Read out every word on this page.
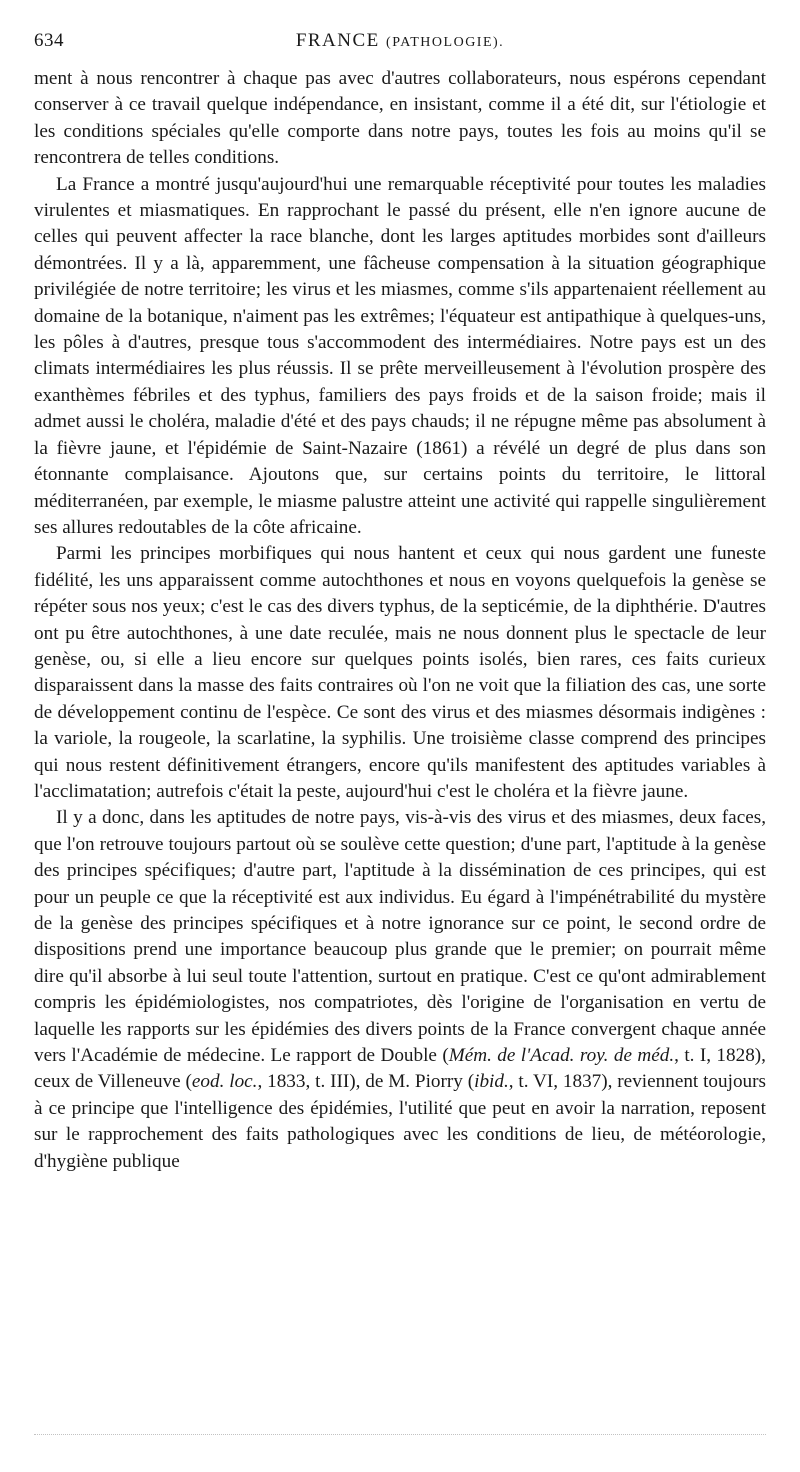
634	FRANCE (PATHOLOGIE).

ment à nous rencontrer à chaque pas avec d'autres collaborateurs, nous espérons cependant conserver à ce travail quelque indépendance, en insistant, comme il a été dit, sur l'étiologie et les conditions spéciales qu'elle comporte dans notre pays, toutes les fois au moins qu'il se rencontrera de telles conditions.

La France a montré jusqu'aujourd'hui une remarquable réceptivité pour toutes les maladies virulentes et miasmatiques. En rapprochant le passé du présent, elle n'en ignore aucune de celles qui peuvent affecter la race blanche, dont les larges aptitudes morbides sont d'ailleurs démontrées. Il y a là, apparemment, une fâcheuse compensation à la situation géographique privilégiée de notre territoire; les virus et les miasmes, comme s'ils appartenaient réellement au domaine de la botanique, n'aiment pas les extrêmes; l'équateur est antipathique à quelques-uns, les pôles à d'autres, presque tous s'accommodent des intermédiaires. Notre pays est un des climats intermédiaires les plus réussis. Il se prête merveilleusement à l'évolution prospère des exanthèmes fébriles et des typhus, familiers des pays froids et de la saison froide; mais il admet aussi le choléra, maladie d'été et des pays chauds; il ne répugne même pas absolument à la fièvre jaune, et l'épidémie de Saint-Nazaire (1861) a révélé un degré de plus dans son étonnante complaisance. Ajoutons que, sur certains points du territoire, le littoral méditerranéen, par exemple, le miasme palustre atteint une activité qui rappelle singulièrement ses allures redoutables de la côte africaine.

Parmi les principes morbifiques qui nous hantent et ceux qui nous gardent une funeste fidélité, les uns apparaissent comme autochthones et nous en voyons quelquefois la genèse se répéter sous nos yeux; c'est le cas des divers typhus, de la septicémie, de la diphthérie. D'autres ont pu être autochthones, à une date reculée, mais ne nous donnent plus le spectacle de leur genèse, ou, si elle a lieu encore sur quelques points isolés, bien rares, ces faits curieux disparaissent dans la masse des faits contraires où l'on ne voit que la filiation des cas, une sorte de développement continu de l'espèce. Ce sont des virus et des miasmes désormais indigènes : la variole, la rougeole, la scarlatine, la syphilis. Une troisième classe comprend des principes qui nous restent définitivement étrangers, encore qu'ils manifestent des aptitudes variables à l'acclimatation; autrefois c'était la peste, aujourd'hui c'est le choléra et la fièvre jaune.

Il y a donc, dans les aptitudes de notre pays, vis-à-vis des virus et des miasmes, deux faces, que l'on retrouve toujours partout où se soulève cette question; d'une part, l'aptitude à la genèse des principes spécifiques; d'autre part, l'aptitude à la dissémination de ces principes, qui est pour un peuple ce que la réceptivité est aux individus. Eu égard à l'impénétrabilité du mystère de la genèse des principes spécifiques et à notre ignorance sur ce point, le second ordre de dispositions prend une importance beaucoup plus grande que le premier; on pourrait même dire qu'il absorbe à lui seul toute l'attention, surtout en pratique. C'est ce qu'ont admirablement compris les épidémiologistes, nos compatriotes, dès l'origine de l'organisation en vertu de laquelle les rapports sur les épidémies des divers points de la France convergent chaque année vers l'Académie de médecine. Le rapport de Double (Mém. de l'Acad. roy. de méd., t. I, 1828), ceux de Villeneuve (eod. loc., 1833, t. III), de M. Piorry (ibid., t. VI, 1837), reviennent toujours à ce principe que l'intelligence des épidémies, l'utilité que peut en avoir la narration, reposent sur le rapprochement des faits pathologiques avec les conditions de lieu, de météorologie, d'hygiène publique
